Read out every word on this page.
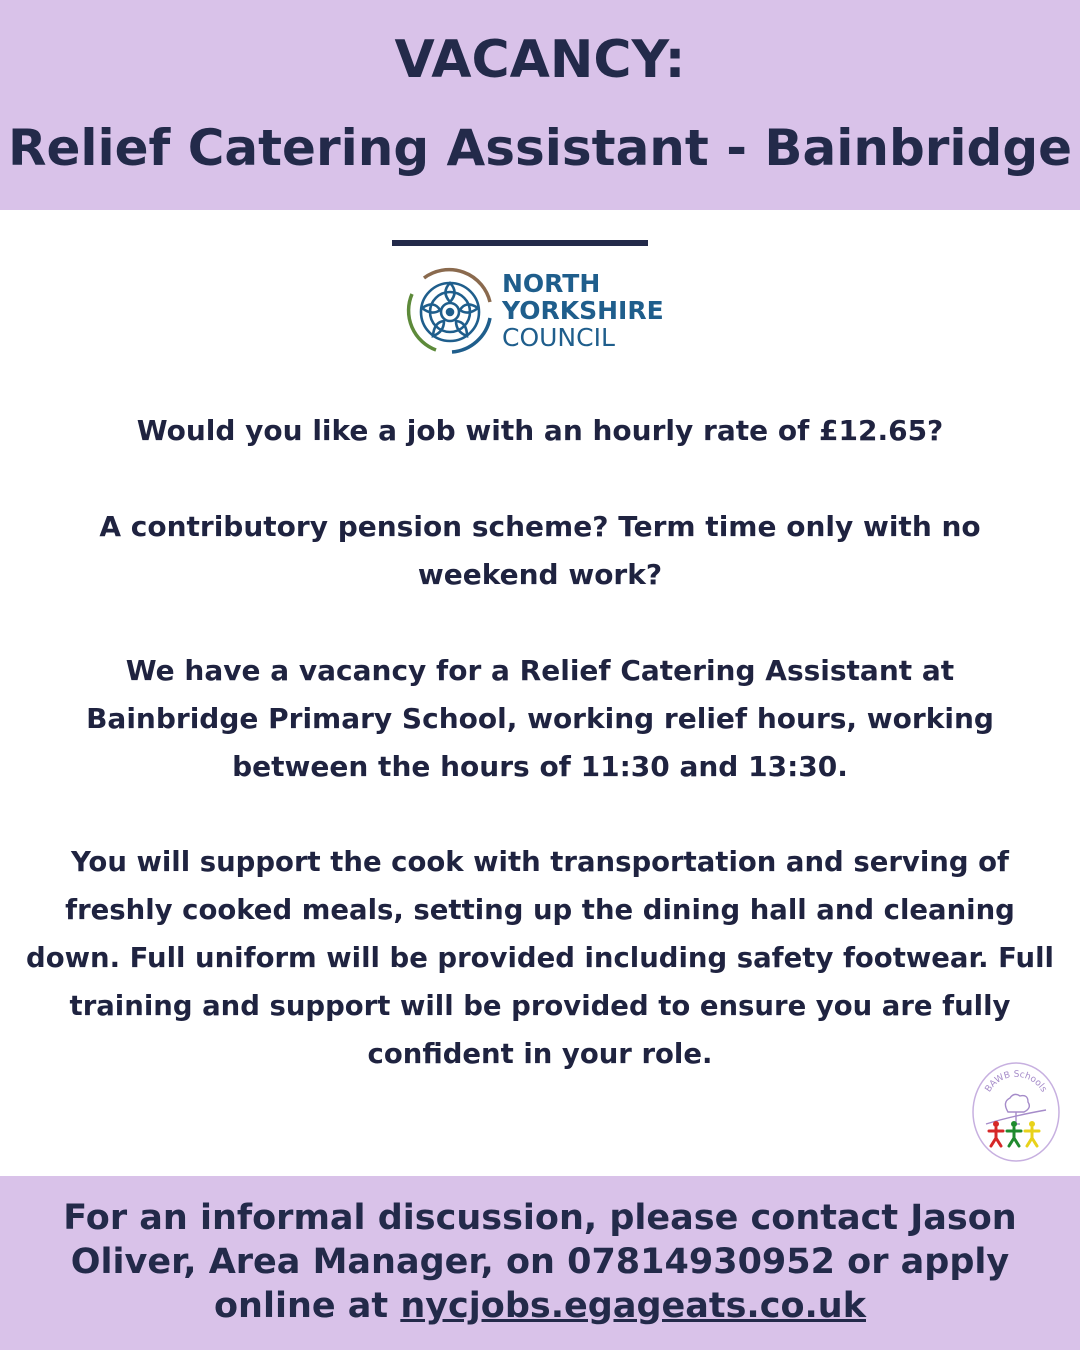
VACANCY:
Relief Catering Assistant - Bainbridge
NORTH
YORKSHIRE
COUNCIL
Would you like a job with an hourly rate of £12.65?
A contributory pension scheme? Term time only with no weekend work?
We have a vacancy for a Relief Catering Assistant at Bainbridge Primary School, working relief hours, working between the hours of 11:30 and 13:30.
You will support the cook with transportation and serving of freshly cooked meals, setting up the dining hall and cleaning down. Full uniform will be provided including safety footwear. Full training and support will be provided to ensure you are fully confident in your role.
BAWB Schools
For an informal discussion, please contact Jason Oliver, Area Manager, on 07814930952 or apply online at nycjobs.egageats.co.uk
